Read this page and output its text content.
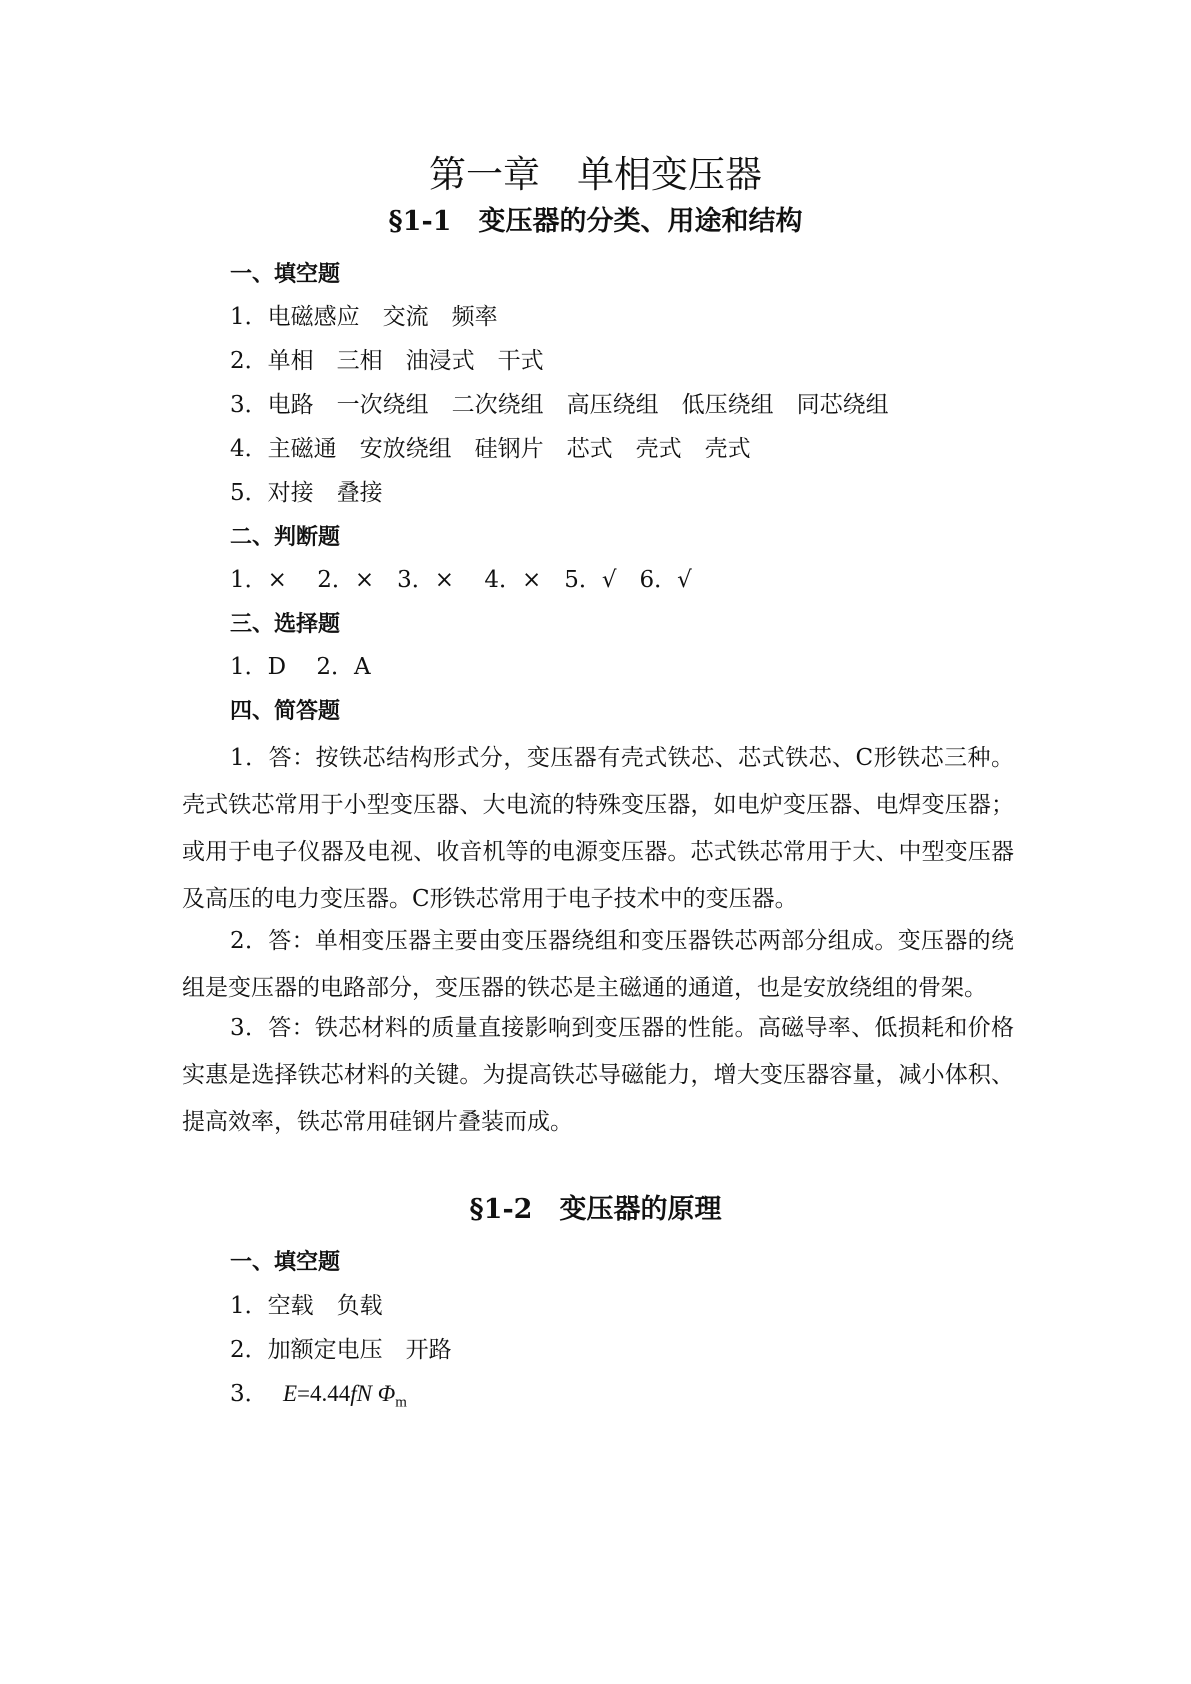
第一章　单相变压器
§1-1　变压器的分类、用途和结构
一、填空题
1．电磁感应　交流　频率
2．单相　三相　油浸式　干式
3．电路　一次绕组　二次绕组　高压绕组　低压绕组　同芯绕组
4．主磁通　安放绕组　硅钢片　芯式　壳式　壳式
5．对接　叠接
二、判断题
1．×　 2．×　3．×　 4．×　5．√　6．√
三、选择题
1．D　 2．A
四、简答题
1．答：按铁芯结构形式分，变压器有壳式铁芯、芯式铁芯、C形铁芯三种。壳式铁芯常用于小型变压器、大电流的特殊变压器，如电炉变压器、电焊变压器；或用于电子仪器及电视、收音机等的电源变压器。芯式铁芯常用于大、中型变压器及高压的电力变压器。C形铁芯常用于电子技术中的变压器。
2．答：单相变压器主要由变压器绕组和变压器铁芯两部分组成。变压器的绕组是变压器的电路部分，变压器的铁芯是主磁通的通道，也是安放绕组的骨架。
3．答：铁芯材料的质量直接影响到变压器的性能。高磁导率、低损耗和价格实惠是选择铁芯材料的关键。为提高铁芯导磁能力，增大变压器容量，减小体积、提高效率，铁芯常用硅钢片叠装而成。
§1-2　变压器的原理
一、填空题
1．空载　负载
2．加额定电压　开路
3． E=4.44fN $\Phi_m$
